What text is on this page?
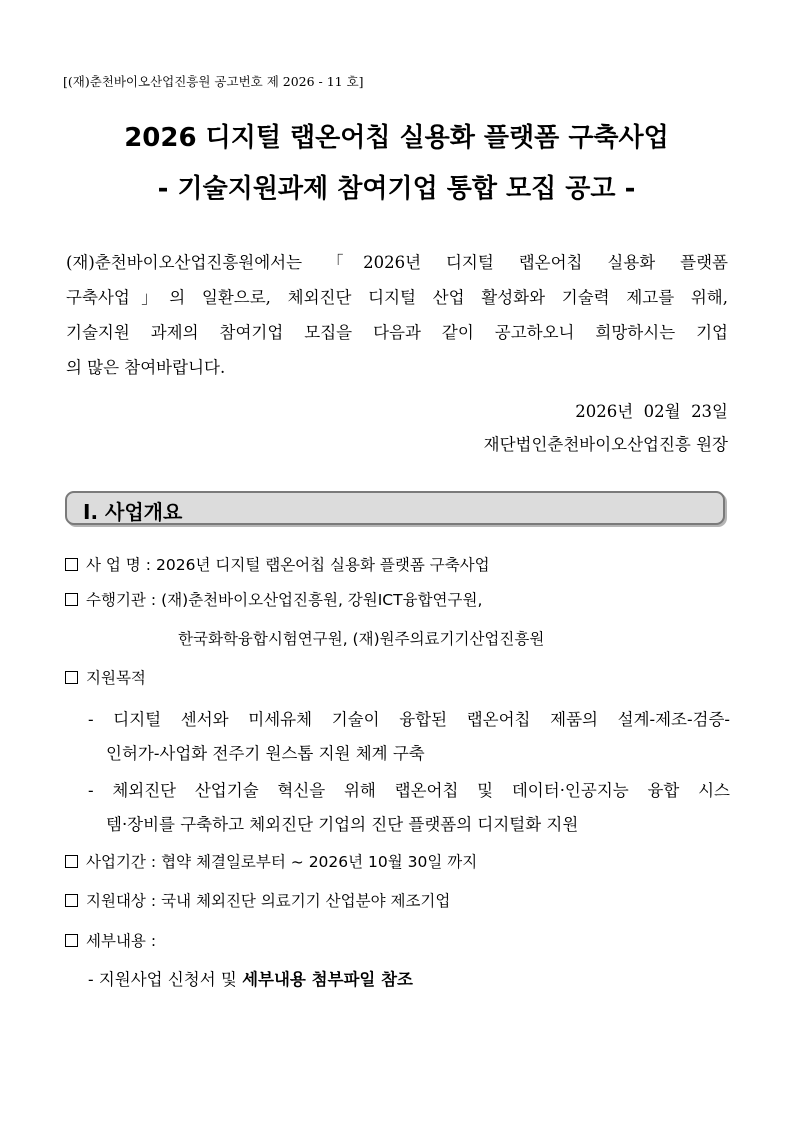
[(재)춘천바이오산업진흥원 공고번호 제 2026 - 11 호]
2026 디지털 랩온어칩 실용화 플랫폼 구축사업
- 기술지원과제 참여기업 통합 모집 공고 -
(재)춘천바이오산업진흥원에서는 「2026년 디지털 랩온어칩 실용화 플랫폼
구축사업」의 일환으로, 체외진단 디지털 산업 활성화와 기술력 제고를 위해,
기술지원 과제의 참여기업 모집을 다음과 같이 공고하오니 희망하시는 기업
의 많은 참여바랍니다.
2026년  02월  23일
재단법인춘천바이오산업진흥 원장
Ⅰ. 사업개요
사 업 명 : 2026년 디지털 랩온어칩 실용화 플랫폼 구축사업
수행기관 : (재)춘천바이오산업진흥원, 강원ICT융합연구원,
한국화학융합시험연구원, (재)원주의료기기산업진흥원
지원목적
- 디지털 센서와 미세유체 기술이 융합된 랩온어칩 제품의 설계-제조-검증-
인허가-사업화 전주기 원스톱 지원 체계 구축
- 체외진단 산업기술 혁신을 위해 랩온어칩 및 데이터·인공지능 융합 시스
템·장비를 구축하고 체외진단 기업의 진단 플랫폼의 디지털화 지원
사업기간 : 협약 체결일로부터 ~ 2026년 10월 30일 까지
지원대상 : 국내 체외진단 의료기기 산업분야 제조기업
세부내용 :
- 지원사업 신청서 및 세부내용 첨부파일 참조
